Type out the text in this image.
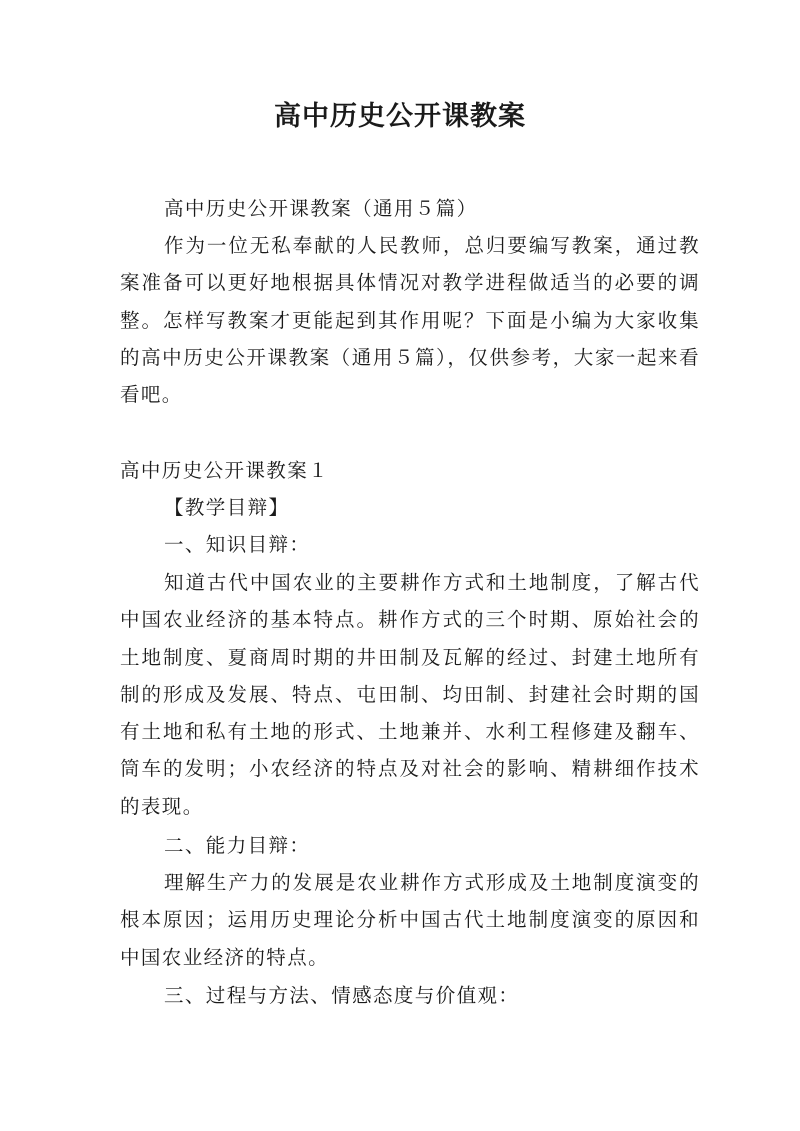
高中历史公开课教案

高中历史公开课教案（通用５篇）

作为一位无私奉献的人民教师，总归要编写教案，通过教案准备可以更好地根据具体情况对教学进程做适当的必要的调整。怎样写教案才更能起到其作用呢？下面是小编为大家收集的高中历史公开课教案（通用５篇），仅供参考，大家一起来看看吧。

高中历史公开课教案１

【教学目辩】

一、知识目辩：

知道古代中国农业的主要耕作方式和土地制度，了解古代中国农业经济的基本特点。耕作方式的三个时期、原始社会的土地制度、夏商周时期的井田制及瓦解的经过、封建土地所有制的形成及发展、特点、屯田制、均田制、封建社会时期的国有土地和私有土地的形式、土地兼并、水利工程修建及翻车、筒车的发明；小农经济的特点及对社会的影响、精耕细作技术的表现。

二、能力目辩：

理解生产力的发展是农业耕作方式形成及土地制度演变的根本原因；运用历史理论分析中国古代土地制度演变的原因和中国农业经济的特点。

三、过程与方法、情感态度与价值观：
